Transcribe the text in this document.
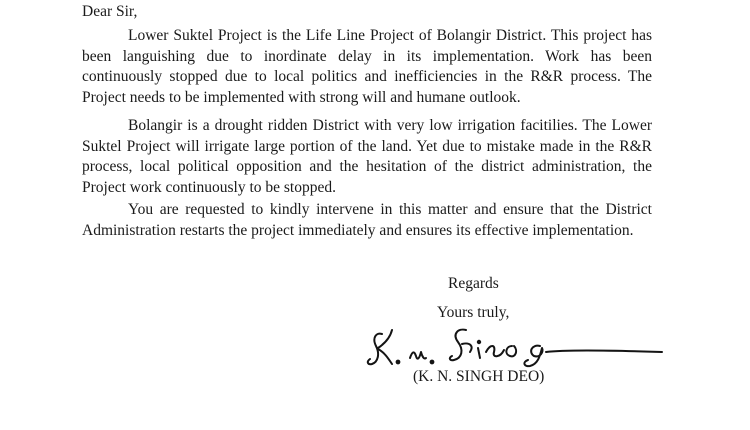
Dear Sir,

Lower Suktel Project is the Life Line Project of Bolangir District. This project has been languishing due to inordinate delay in its implementation. Work has been continuously stopped due to local politics and inefficiencies in the R&R process. The Project needs to be implemented with strong will and humane outlook.

Bolangir is a drought ridden District with very low irrigation facitilies. The Lower Suktel Project will irrigate large portion of the land. Yet due to mistake made in the R&R process, local political opposition and the hesitation of the district administration, the Project work continuously to be stopped.

You are requested to kindly intervene in this matter and ensure that the District Administration restarts the project immediately and ensures its effective implementation.

Regards

Yours truly,

(K. N. SINGH DEO)
